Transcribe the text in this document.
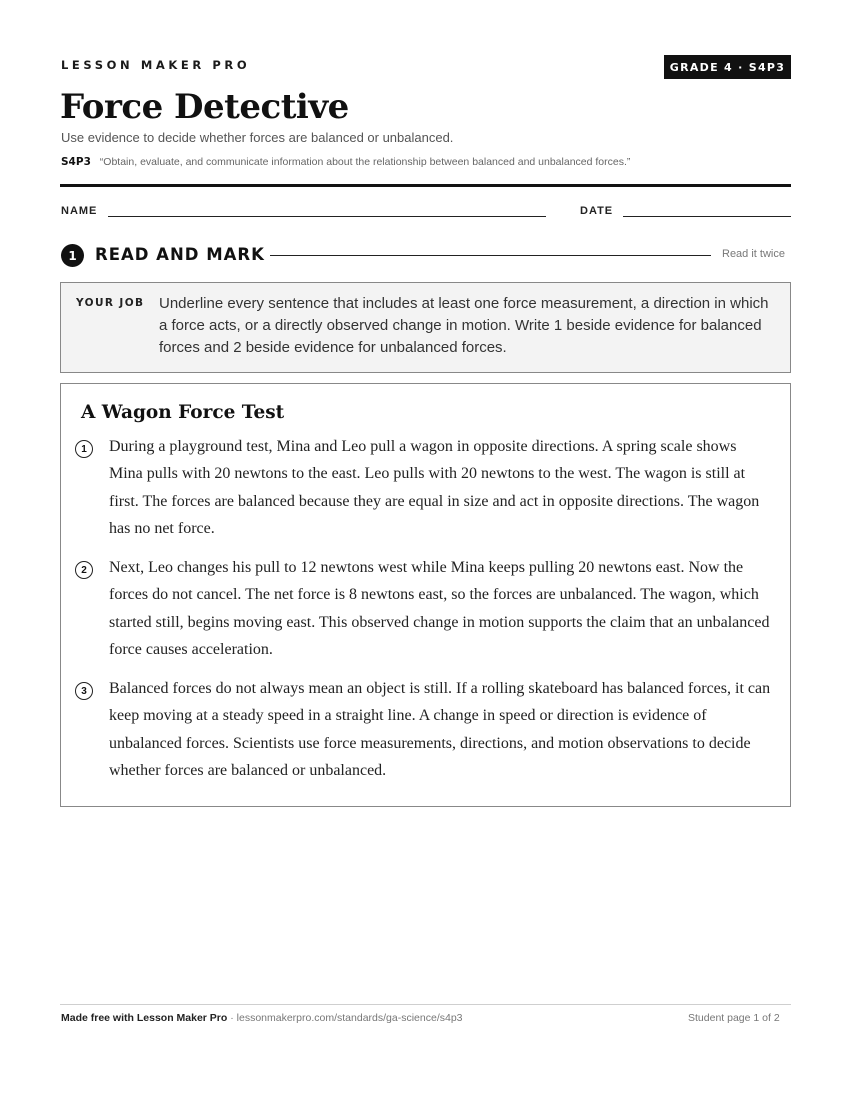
LESSON MAKER PRO	GRADE 4 · S4P3
Force Detective
Use evidence to decide whether forces are balanced or unbalanced.
S4P3 “Obtain, evaluate, and communicate information about the relationship between balanced and unbalanced forces.”
NAME	DATE
1	READ AND MARK	Read it twice
YOUR JOB Underline every sentence that includes at least one force measurement, a direction in which a force acts, or a directly observed change in motion. Write 1 beside evidence for balanced forces and 2 beside evidence for unbalanced forces.
A Wagon Force Test
1	During a playground test, Mina and Leo pull a wagon in opposite directions. A spring scale shows Mina pulls with 20 newtons to the east. Leo pulls with 20 newtons to the west. The wagon is still at first. The forces are balanced because they are equal in size and act in opposite directions. The wagon has no net force.
2	Next, Leo changes his pull to 12 newtons west while Mina keeps pulling 20 newtons east. Now the forces do not cancel. The net force is 8 newtons east, so the forces are unbalanced. The wagon, which started still, begins moving east. This observed change in motion supports the claim that an unbalanced force causes acceleration.
3	Balanced forces do not always mean an object is still. If a rolling skateboard has balanced forces, it can keep moving at a steady speed in a straight line. A change in speed or direction is evidence of unbalanced forces. Scientists use force measurements, directions, and motion observations to decide whether forces are balanced or unbalanced.
Made free with Lesson Maker Pro · lessonmakerpro.com/standards/ga-science/s4p3	Student page 1 of 2
